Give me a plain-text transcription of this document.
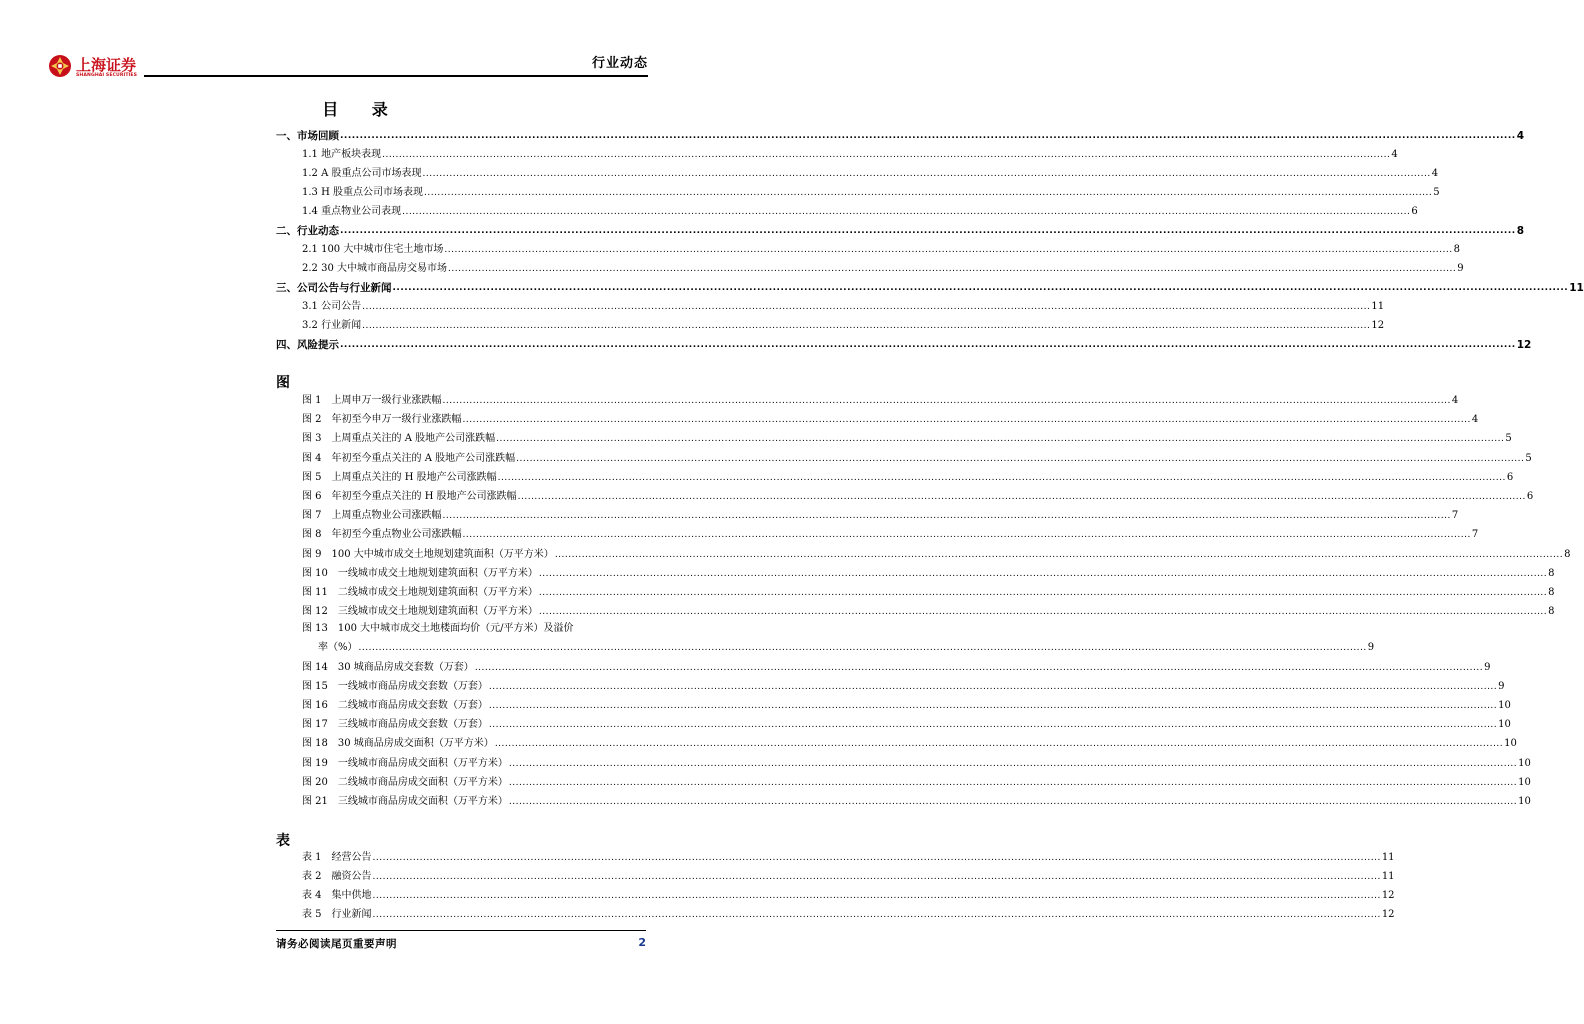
上海证券
SHANGHAI SECURITIES
行业动态
目 录
一、市场回顾 ............................................................................................................................................................................................................................................................................................................ 4
1.1 地产板块表现 ............................................................................................................................................................................................................................................................................................................ 4
1.2 A 股重点公司市场表现 ............................................................................................................................................................................................................................................................................................................ 4
1.3 H 股重点公司市场表现 ............................................................................................................................................................................................................................................................................................................ 5
1.4 重点物业公司表现 ............................................................................................................................................................................................................................................................................................................ 6
二、行业动态 ............................................................................................................................................................................................................................................................................................................ 8
2.1 100 大中城市住宅土地市场 ............................................................................................................................................................................................................................................................................................................ 8
2.2 30 大中城市商品房交易市场 ............................................................................................................................................................................................................................................................................................................ 9
三、公司公告与行业新闻 ............................................................................................................................................................................................................................................................................................................ 11
3.1 公司公告 ............................................................................................................................................................................................................................................................................................................ 11
3.2 行业新闻 ............................................................................................................................................................................................................................................................................................................ 12
四、风险提示 ............................................................................................................................................................................................................................................................................................................ 12
图
图 1　上周申万一级行业涨跌幅 ............................................................................................................................................................................................................................................................................................................ 4
图 2　年初至今申万一级行业涨跌幅 ............................................................................................................................................................................................................................................................................................................ 4
图 3　上周重点关注的 A 股地产公司涨跌幅 ............................................................................................................................................................................................................................................................................................................ 5
图 4　年初至今重点关注的 A 股地产公司涨跌幅 ............................................................................................................................................................................................................................................................................................................ 5
图 5　上周重点关注的 H 股地产公司涨跌幅 ............................................................................................................................................................................................................................................................................................................ 6
图 6　年初至今重点关注的 H 股地产公司涨跌幅 ............................................................................................................................................................................................................................................................................................................ 6
图 7　上周重点物业公司涨跌幅 ............................................................................................................................................................................................................................................................................................................ 7
图 8　年初至今重点物业公司涨跌幅 ............................................................................................................................................................................................................................................................................................................ 7
图 9　100 大中城市成交土地规划建筑面积（万平方米） ............................................................................................................................................................................................................................................................................................................ 8
图 10　一线城市成交土地规划建筑面积（万平方米） ............................................................................................................................................................................................................................................................................................................ 8
图 11　二线城市成交土地规划建筑面积（万平方米） ............................................................................................................................................................................................................................................................................................................ 8
图 12　三线城市成交土地规划建筑面积（万平方米） ............................................................................................................................................................................................................................................................................................................ 8
图 13　100 大中城市成交土地楼面均价（元/平方米）及溢价
率（%） ............................................................................................................................................................................................................................................................................................................ 9
图 14　30 城商品房成交套数（万套） ............................................................................................................................................................................................................................................................................................................ 9
图 15　一线城市商品房成交套数（万套） ............................................................................................................................................................................................................................................................................................................ 9
图 16　二线城市商品房成交套数（万套） ............................................................................................................................................................................................................................................................................................................ 10
图 17　三线城市商品房成交套数（万套） ............................................................................................................................................................................................................................................................................................................ 10
图 18　30 城商品房成交面积（万平方米） ............................................................................................................................................................................................................................................................................................................ 10
图 19　一线城市商品房成交面积（万平方米） ............................................................................................................................................................................................................................................................................................................ 10
图 20　二线城市商品房成交面积（万平方米） ............................................................................................................................................................................................................................................................................................................ 10
图 21　三线城市商品房成交面积（万平方米） ............................................................................................................................................................................................................................................................................................................ 10
表
表 1　经营公告 ............................................................................................................................................................................................................................................................................................................ 11
表 2　融资公告 ............................................................................................................................................................................................................................................................................................................ 11
表 4　集中供地 ............................................................................................................................................................................................................................................................................................................ 12
表 5　行业新闻 ............................................................................................................................................................................................................................................................................................................ 12
请务必阅读尾页重要声明	2
